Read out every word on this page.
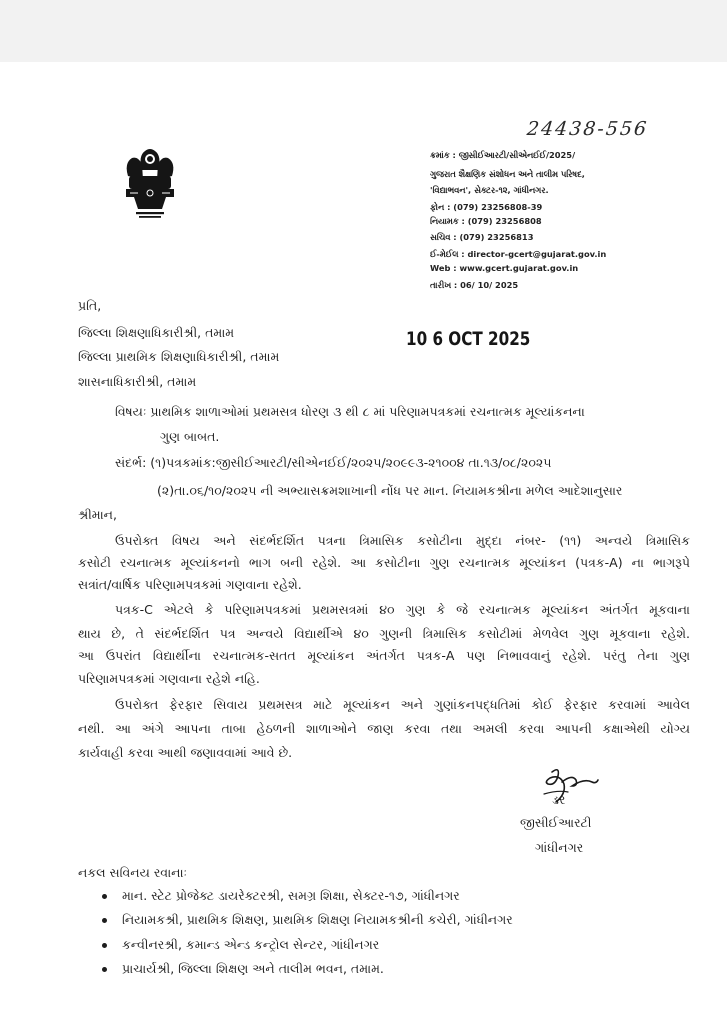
24438-556
ક્રમાંક : જીસીઈઆરટી/સીએનઈઈ/2025/
ગુજરાત શૈક્ષણિક સંશોધન અને તાલીમ પરિષદ,
'વિદ્યાભવન', સેક્ટર-૧૨, ગાંધીનગર.
ફોન : (079) 23256808-39
નિયામક : (079) 23256808
સચિવ : (079) 23256813
ઈ-મેઈલ : director-gcert@gujarat.gov.in
Web : www.gcert.gujarat.gov.in
તારીખ : 06/ 10/ 2025
પ્રતિ,
જિલ્લા શિક્ષણાધિકારીશ્રી, તમામ
જિલ્લા પ્રાથમિક શિક્ષણાધિકારીશ્રી, તમામ
શાસનાધિકારીશ્રી, તમામ
10 6 OCT 2025
વિષયઃ પ્રાથમિક શાળાઓમાં પ્રથમસત્ર ધોરણ ૩ થી ૮ માં પરિણામપત્રકમાં રચનાત્મક મૂલ્યાંકનના
ગુણ બાબત.
સંદર્ભ: (૧)પત્રકમાંક:જીસીઈઆરટી/સીએનઈઈ/૨૦૨૫/૨૦૯૯૩-૨૧૦૦૪ તા.૧૩/૦૮/૨૦૨૫
(૨)તા.૦૬/૧૦/૨૦૨૫ ની અભ્યાસક્રમશાખાની નોંધ પર માન. નિયામકશ્રીના મળેલ આદેશાનુસાર
શ્રીમાન,
ઉપરોક્ત વિષય અને સંદર્ભદર્શિત પત્રના ત્રિમાસિક કસોટીના મુદ્દા નંબર- (૧૧) અન્વયે ત્રિમાસિક
કસોટી રચનાત્મક મૂલ્યાંકનનો ભાગ બની રહેશે. આ કસોટીના ગુણ રચનાત્મક મૂલ્યાંકન (પત્રક-A) ના ભાગરૂપે
સત્રાંત/વાર્ષિક પરિણામપત્રકમાં ગણવાના રહેશે.
પત્રક-C એટલે કે પરિણામપત્રકમાં પ્રથમસત્રમાં ૪૦ ગુણ કે જે રચનાત્મક મૂલ્યાંકન અંતર્ગત મૂકવાના
થાય છે, તે સંદર્ભદર્શિત પત્ર અન્વયે વિદ્યાર્થીએ ૪૦ ગુણની ત્રિમાસિક કસોટીમાં મેળવેલ ગુણ મૂકવાના રહેશે.
આ ઉપરાંત વિદ્યાર્થીના રચનાત્મક-સતત મૂલ્યાંકન અંતર્ગત પત્રક-A પણ નિભાવવાનું રહેશે. પરંતુ તેના ગુણ
પરિણામપત્રકમાં ગણવાના રહેશે નહિ.
ઉપરોક્ત ફેરફાર સિવાય પ્રથમસત્ર માટે મૂલ્યાંકન અને ગુણાંકનપદ્ધતિમાં કોઈ ફેરફાર કરવામાં આવેલ
નથી. આ અંગે આપના તાબા હેઠળની શાળાઓને જાણ કરવા તથા અમલી કરવા આપની કક્ષાએથી યોગ્ય
કાર્યવાહી કરવા આથી જણાવવામાં આવે છે.
ડર
જીસીઈઆરટી
ગાંધીનગર
નકલ સવિનય રવાનાઃ
માન. સ્ટેટ પ્રોજેક્ટ ડાયરેક્ટરશ્રી, સમગ્ર શિક્ષા, સેક્ટર-૧૭, ગાંધીનગર
નિયામકશ્રી, પ્રાથમિક શિક્ષણ, પ્રાથમિક શિક્ષણ નિયામકશ્રીની કચેરી, ગાંધીનગર
કન્વીનરશ્રી, કમાન્ડ એન્ડ કન્ટ્રોલ સેન્ટર, ગાંધીનગર
પ્રાચાર્યશ્રી, જિલ્લા શિક્ષણ અને તાલીમ ભવન, તમામ.
